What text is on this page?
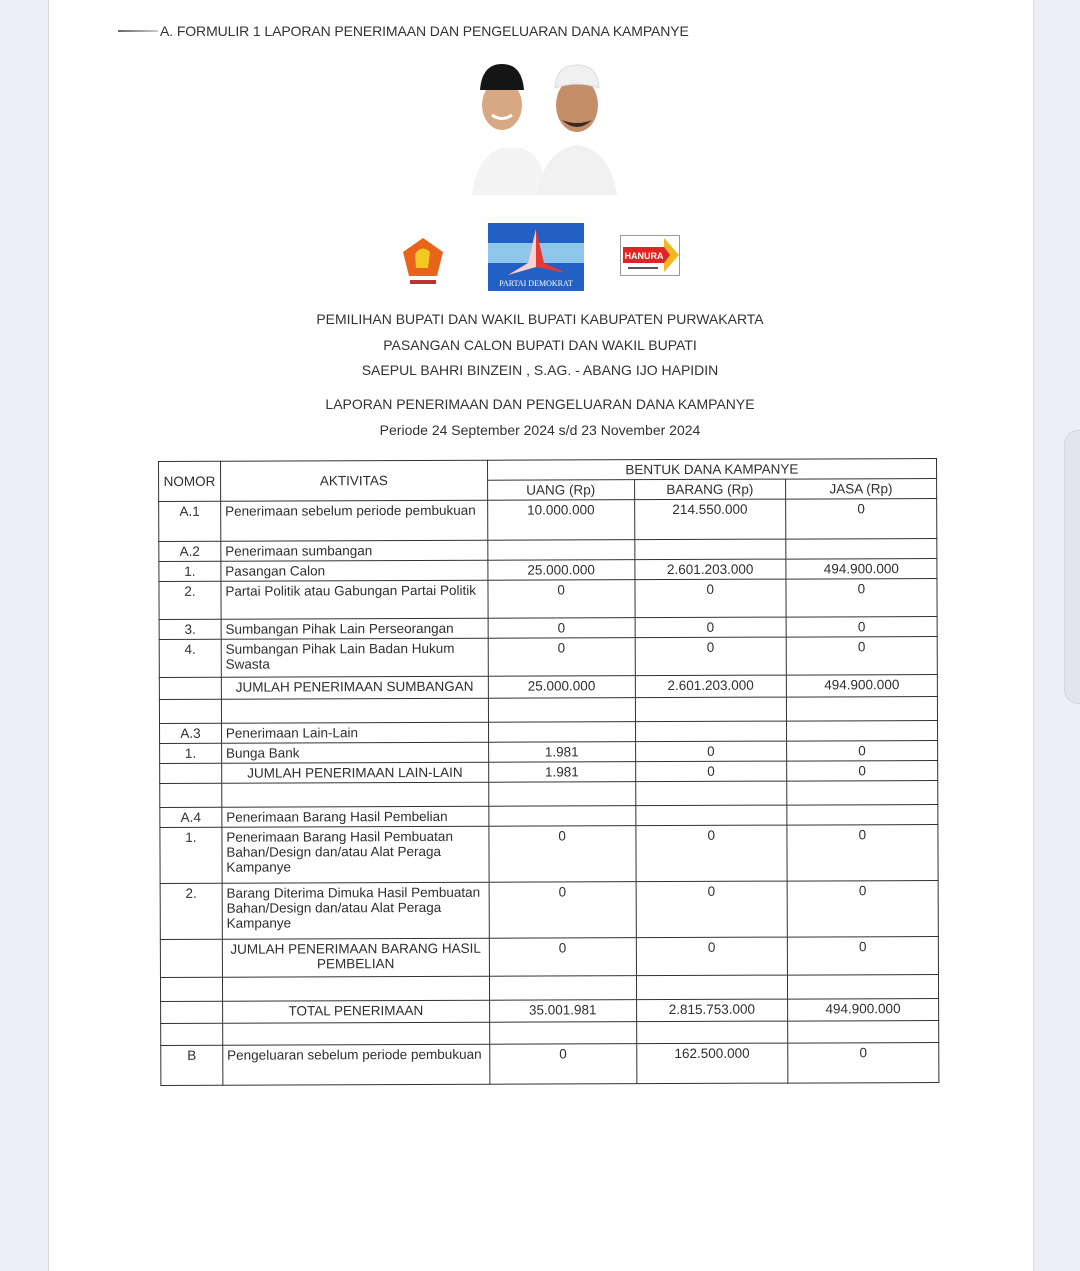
A. FORMULIR 1 LAPORAN PENERIMAAN DAN PENGELUARAN DANA KAMPANYE
PARTAI DEMOKRAT
HANURA
PEMILIHAN BUPATI DAN WAKIL BUPATI KABUPATEN PURWAKARTA
PASANGAN CALON BUPATI DAN WAKIL BUPATI
SAEPUL BAHRI BINZEIN , S.AG. - ABANG IJO HAPIDIN
LAPORAN PENERIMAAN DAN PENGELUARAN DANA KAMPANYE
Periode 24 September 2024 s/d 23 November 2024
NOMOR	AKTIVITAS	BENTUK DANA KAMPANYE		
		UANG (Rp)	BARANG (Rp)	JASA (Rp)
A.1	Penerimaan sebelum periode pembukuan	10.000.000	214.550.000	0
A.2	Penerimaan sumbangan			
1.	Pasangan Calon	25.000.000	2.601.203.000	494.900.000
2.	Partai Politik atau Gabungan Partai Politik	0	0	0
3.	Sumbangan Pihak Lain Perseorangan	0	0	0
4.	Sumbangan Pihak Lain Badan Hukum Swasta	0	0	0
	JUMLAH PENERIMAAN SUMBANGAN	25.000.000	2.601.203.000	494.900.000

A.3	Penerimaan Lain-Lain			
1.	Bunga Bank	1.981	0	0
	JUMLAH PENERIMAAN LAIN-LAIN	1.981	0	0

A.4	Penerimaan Barang Hasil Pembelian			
1.	Penerimaan Barang Hasil Pembuatan Bahan/Design dan/atau Alat Peraga Kampanye	0	0	0
2.	Barang Diterima Dimuka Hasil Pembuatan Bahan/Design dan/atau Alat Peraga Kampanye	0	0	0
	JUMLAH PENERIMAAN BARANG HASIL PEMBELIAN	0	0	0

	TOTAL PENERIMAAN	35.001.981	2.815.753.000	494.900.000

B	Pengeluaran sebelum periode pembukuan	0	162.500.000	0
